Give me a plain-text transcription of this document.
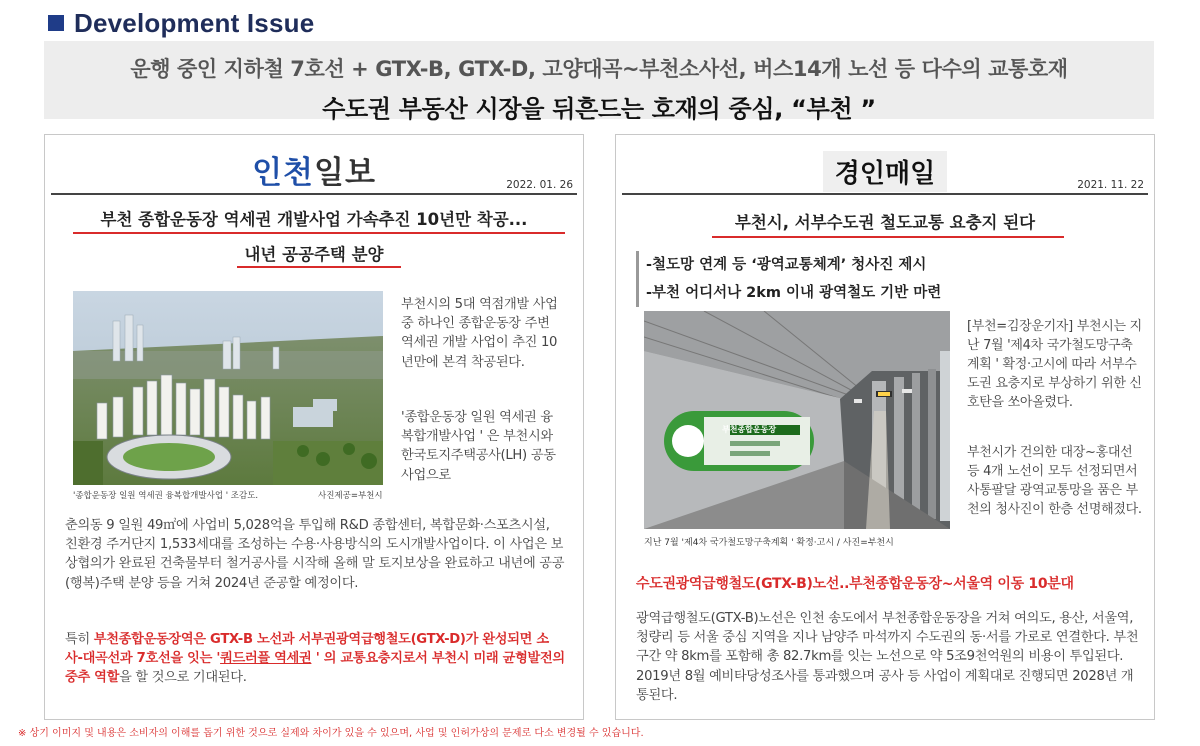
Development Issue
운행 중인 지하철 7호선 + GTX-B, GTX-D, 고양대곡~부천소사선, 버스14개 노선 등 다수의 교통호재
수도권 부동산 시장을 뒤흔드는 호재의 중심, “부천 ”
인천일보	2022. 01. 26
부천 종합운동장 역세권 개발사업 가속추진 10년만 착공...
내년 공공주택 분양
'종합운동장 일원 역세권 융복합개발사업 ' 조감도.	사진제공=부천시
부천시의 5대 역점개발 사업 중 하나인 종합운동장 주변 역세권 개발 사업이 추진 10년만에 본격 착공된다.
'종합운동장 일원 역세권 융복합개발사업 ' 은 부천시와 한국토지주택공사(LH) 공동사업으로
춘의동 9 일원 49㎡에 사업비 5,028억을 투입해 R&D 종합센터, 복합문화·스포츠시설, 친환경 주거단지 1,533세대를 조성하는 수용·사용방식의 도시개발사업이다. 이 사업은 보상협의가 완료된 건축물부터 철거공사를 시작해 올해 말 토지보상을 완료하고 내년에 공공(행복)주택 분양 등을 거쳐 2024년 준공할 예정이다.
특히 부천종합운동장역은 GTX-B 노선과 서부권광역급행철도(GTX-D)가 완성되면 소사-대곡선과 7호선을 잇는 '쿼드러플 역세권 ' 의 교통요충지로서 부천시 미래 균형발전의 중추 역할을 할 것으로 기대된다.
경인매일	2021. 11. 22
부천시, 서부수도권 철도교통 요충지 된다
-철도망 연계 등 ‘광역교통체계’ 청사진 제시
-부천 어디서나 2km 이내 광역철도 기반 마련
부천종합운동장
지난 7월 '제4차 국가철도망구축계획 ' 확정·고시 / 사진=부천시
[부천=김장운기자] 부천시는 지난 7월 '제4차 국가철도망구축계획 ' 확정·고시에 따라 서부수도권 요충지로 부상하기 위한 신호탄을 쏘아올렸다.
부천시가 건의한 대장~홍대선 등 4개 노선이 모두 선정되면서 사통팔달 광역교통망을 품은 부천의 청사진이 한층 선명해졌다.
수도권광역급행철도(GTX-B)노선..부천종합운동장~서울역 이동 10분대
광역급행철도(GTX-B)노선은 인천 송도에서 부천종합운동장을 거쳐 여의도, 용산, 서울역, 청량리 등 서울 중심 지역을 지나 남양주 마석까지 수도권의 동·서를 가로로 연결한다. 부천 구간 약 8km를 포함해 총 82.7km를 잇는 노선으로 약 5조9천억원의 비용이 투입된다. 2019년 8월 예비타당성조사를 통과했으며 공사 등 사업이 계획대로 진행되면 2028년 개통된다.
※ 상기 이미지 및 내용은 소비자의 이해를 돕기 위한 것으로 실제와 차이가 있을 수 있으며, 사업 및 인허가상의 문제로 다소 변경될 수 있습니다.
